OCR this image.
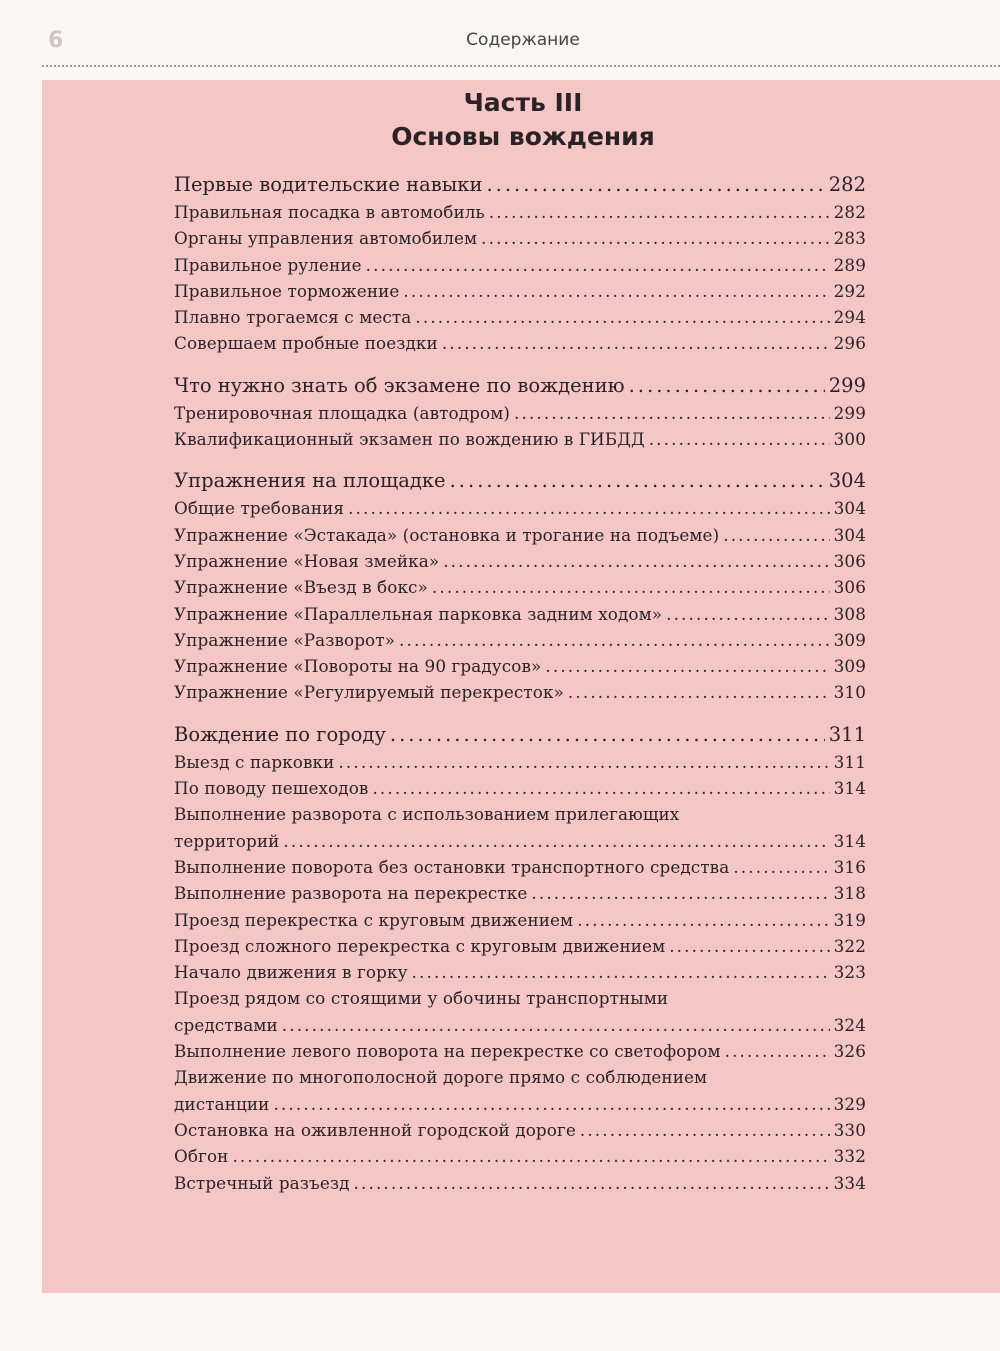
6	Содержание
Часть III
Основы вождения
Первые водительские навыки . . .	282
Правильная посадка в автомобиль . . .	282
Органы управления автомобилем . . .	283
Правильное руление . . .	289
Правильное торможение . . .	292
Плавно трогаемся с места . . .	294
Совершаем пробные поездки . . .	296
Что нужно знать об экзамене по вождению . . .	299
Тренировочная площадка (автодром) . . .	299
Квалификационный экзамен по вождению в ГИБДД . . .	300
Упражнения на площадке . . .	304
Общие требования . . .	304
Упражнение «Эстакада» (остановка и трогание на подъеме) . . .	304
Упражнение «Новая змейка» . . .	306
Упражнение «Въезд в бокс» . . .	306
Упражнение «Параллельная парковка задним ходом» . . .	308
Упражнение «Разворот» . . .	309
Упражнение «Повороты на 90 градусов» . . .	309
Упражнение «Регулируемый перекресток» . . .	310
Вождение по городу . . .	311
Выезд с парковки . . .	311
По поводу пешеходов . . .	314
Выполнение разворота с использованием прилегающих
территорий . . .	314
Выполнение поворота без остановки транспортного средства . . .	316
Выполнение разворота на перекрестке . . .	318
Проезд перекрестка с круговым движением . . .	319
Проезд сложного перекрестка с круговым движением . . .	322
Начало движения в горку . . .	323
Проезд рядом со стоящими у обочины транспортными
средствами . . .	324
Выполнение левого поворота на перекрестке со светофором . . .	326
Движение по многополосной дороге прямо с соблюдением
дистанции . . .	329
Остановка на оживленной городской дороге . . .	330
Обгон . . .	332
Встречный разъезд . . .	334
